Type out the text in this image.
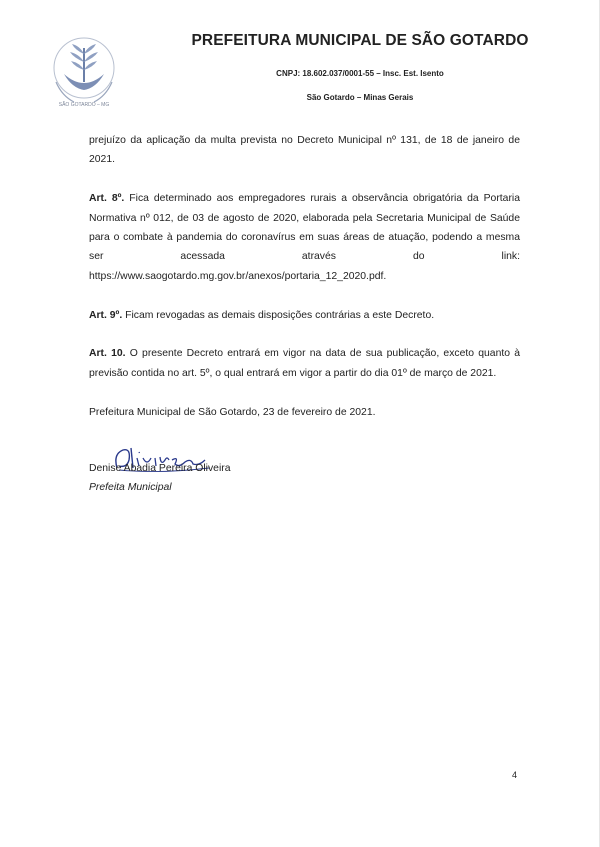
SÃO GOTARDO – MG
PREFEITURA MUNICIPAL DE SÃO GOTARDO
CNPJ: 18.602.037/0001-55 – Insc. Est. Isento
São Gotardo – Minas Gerais

prejuízo da aplicação da multa prevista no Decreto Municipal nº 131, de 18 de janeiro de 2021.

Art. 8º. Fica determinado aos empregadores rurais a observância obrigatória da Portaria Normativa nº 012, de 03 de agosto de 2020, elaborada pela Secretaria Municipal de Saúde para o combate à pandemia do coronavírus em suas áreas de atuação, podendo a mesma ser acessada através do link: https://www.saogotardo.mg.gov.br/anexos/portaria_12_2020.pdf.

Art. 9º. Ficam revogadas as demais disposições contrárias a este Decreto.

Art. 10. O presente Decreto entrará em vigor na data de sua publicação, exceto quanto à previsão contida no art. 5º, o qual entrará em vigor a partir do dia 01º de março de 2021.

Prefeitura Municipal de São Gotardo, 23 de fevereiro de 2021.

Denise Abadia Pereira Oliveira
Prefeita Municipal
4
